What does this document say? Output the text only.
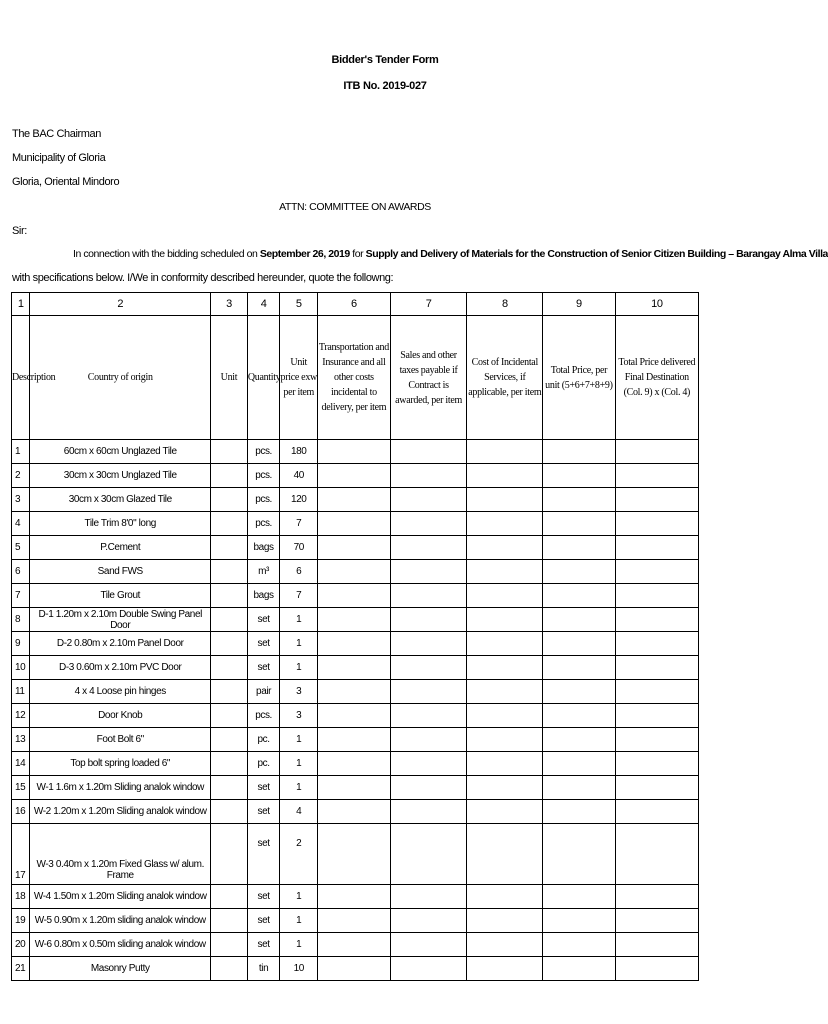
Bidder's Tender Form
ITB No. 2019-027
The BAC Chairman
Municipality of Gloria
Gloria, Oriental Mindoro
ATTN: COMMITTEE ON AWARDS
Sir:
In connection with the bidding scheduled on September 26, 2019 for Supply and Delivery of Materials for the Construction of Senior Citizen Building – Barangay Alma Villa
with specifications below. I/We in conformity described hereunder, quote the followng:
1	2	3	4	5	6	7	8	9	10
Description	Country of origin	Unit	Quantity	Unit price exw per item	Transportation and Insurance and all other costs incidental to delivery, per item	Sales and other taxes payable if Contract is awarded, per item	Cost of Incidental Services, if applicable, per item	Total Price, per unit (5+6+7+8+9)	Total Price delivered Final Destination (Col. 9) x (Col. 4)
1	60cm x 60cm Unglazed Tile		pcs.	180					
2	30cm x 30cm Unglazed Tile		pcs.	40					
3	30cm x 30cm Glazed Tile		pcs.	120					
4	Tile Trim 8'0" long		pcs.	7					
5	P.Cement		bags	70					
6	Sand FWS		m³	6					
7	Tile Grout		bags	7					
8	D-1 1.20m x 2.10m Double Swing Panel Door		set	1					
9	D-2 0.80m x 2.10m Panel Door		set	1					
10	D-3 0.60m x 2.10m PVC Door		set	1					
11	4 x 4 Loose pin hinges		pair	3					
12	Door Knob		pcs.	3					
13	Foot Bolt 6"		pc.	1					
14	Top bolt spring loaded 6"		pc.	1					
15	W-1 1.6m x 1.20m Sliding analok window		set	1					
16	W-2 1.20m x 1.20m Sliding analok window		set	4					
17	W-3 0.40m x 1.20m Fixed Glass w/ alum. Frame		set	2					
18	W-4 1.50m x 1.20m Sliding analok window		set	1					
19	W-5 0.90m x 1.20m sliding analok window		set	1					
20	W-6 0.80m x 0.50m sliding analok window		set	1					
21	Masonry Putty		tin	10					
